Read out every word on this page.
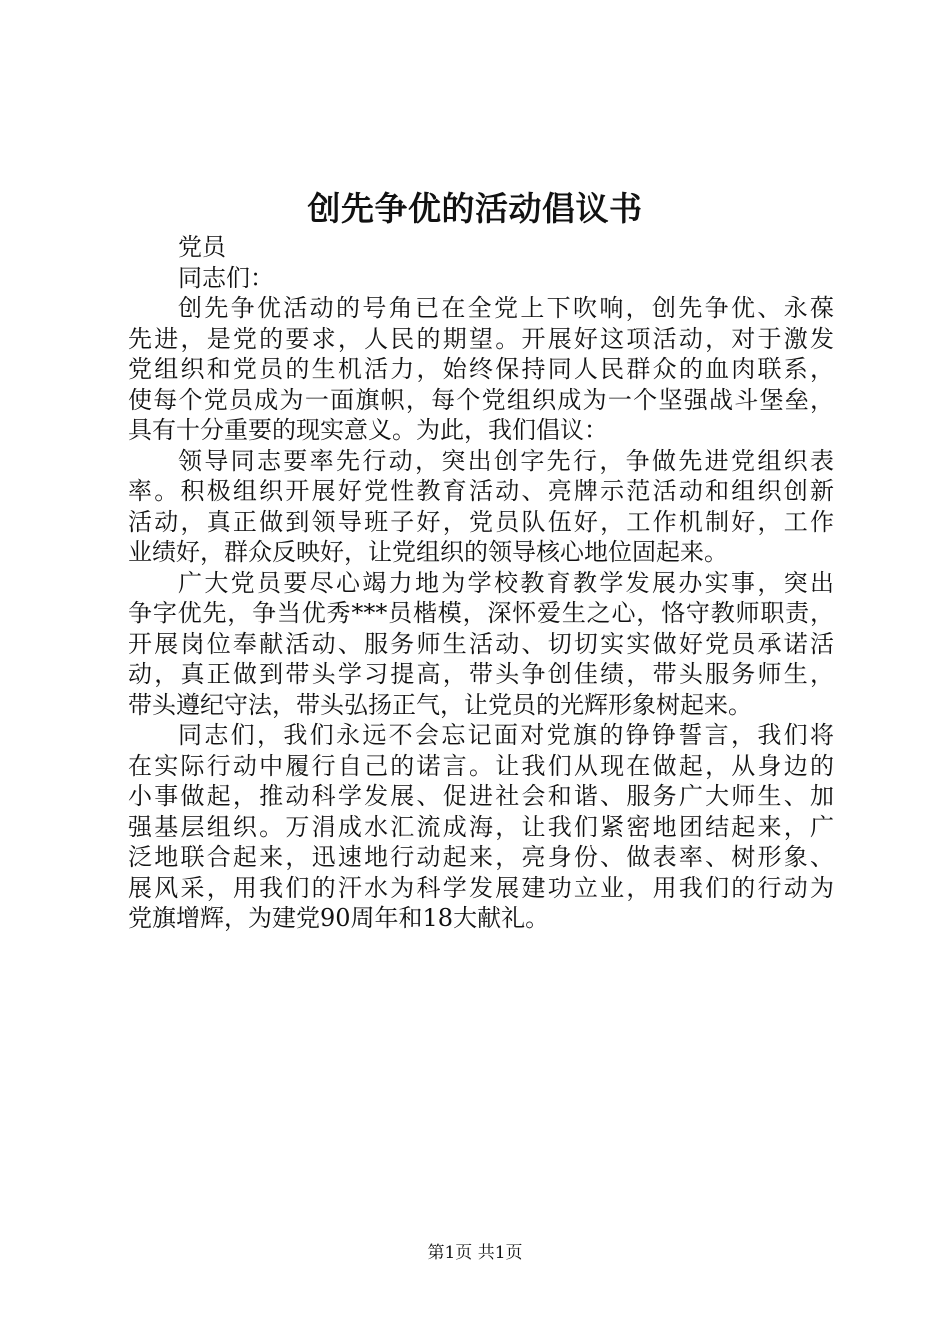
创先争优的活动倡议书
党员
同志们：
创先争优活动的号角已在全党上下吹响，创先争优、永葆
先进，是党的要求，人民的期望。开展好这项活动，对于激发
党组织和党员的生机活力，始终保持同人民群众的血肉联系，
使每个党员成为一面旗帜，每个党组织成为一个坚强战斗堡垒，
具有十分重要的现实意义。为此，我们倡议：
领导同志要率先行动，突出创字先行，争做先进党组织表
率。积极组织开展好党性教育活动、亮牌示范活动和组织创新
活动，真正做到领导班子好，党员队伍好，工作机制好，工作
业绩好，群众反映好，让党组织的领导核心地位固起来。
广大党员要尽心竭力地为学校教育教学发展办实事，突出
争字优先，争当优秀***员楷模，深怀爱生之心，恪守教师职责，
开展岗位奉献活动、服务师生活动、切切实实做好党员承诺活
动，真正做到带头学习提高，带头争创佳绩，带头服务师生，
带头遵纪守法，带头弘扬正气，让党员的光辉形象树起来。
同志们，我们永远不会忘记面对党旗的铮铮誓言，我们将
在实际行动中履行自己的诺言。让我们从现在做起，从身边的
小事做起，推动科学发展、促进社会和谐、服务广大师生、加
强基层组织。万涓成水汇流成海，让我们紧密地团结起来，广
泛地联合起来，迅速地行动起来，亮身份、做表率、树形象、
展风采，用我们的汗水为科学发展建功立业，用我们的行动为
党旗增辉，为建党90周年和18大献礼。
第1页 共1页
